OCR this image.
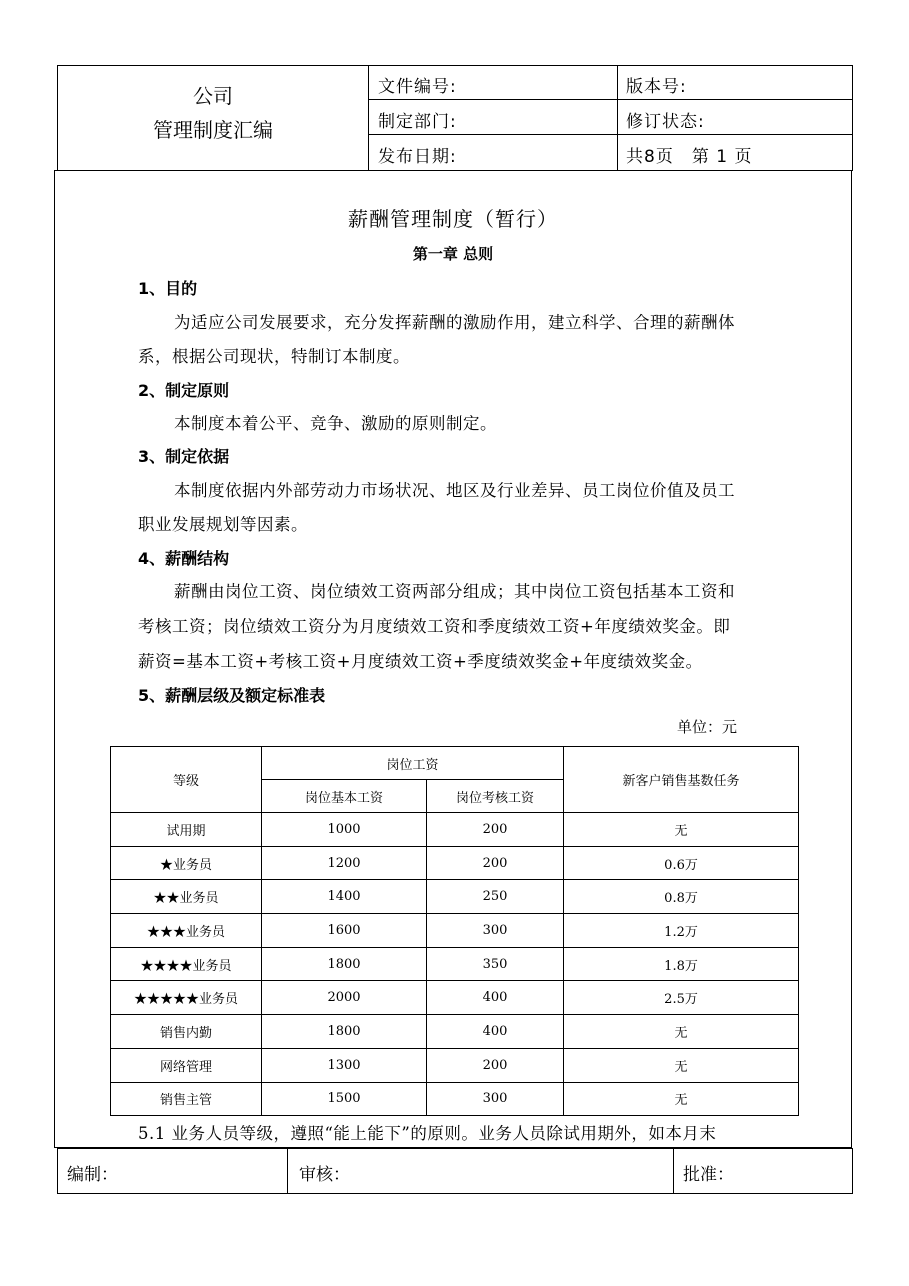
公司
管理制度汇编
文件编号:	版本号:
制定部门:	修订状态:
发布日期:	共8页　第 1 页
薪酬管理制度（暂行）
第一章 总则
1、目的
为适应公司发展要求，充分发挥薪酬的激励作用，建立科学、合理的薪酬体
系，根据公司现状，特制订本制度。
2、制定原则
本制度本着公平、竞争、激励的原则制定。
3、制定依据
本制度依据内外部劳动力市场状况、地区及行业差异、员工岗位价值及员工
职业发展规划等因素。
4、薪酬结构
薪酬由岗位工资、岗位绩效工资两部分组成；其中岗位工资包括基本工资和
考核工资；岗位绩效工资分为月度绩效工资和季度绩效工资+年度绩效奖金。即
薪资=基本工资+考核工资+月度绩效工资+季度绩效奖金+年度绩效奖金。
5、薪酬层级及额定标准表
单位：元
等级	岗位工资		新客户销售基数任务
	岗位基本工资	岗位考核工资	
试用期	1000	200	无
★业务员	1200	200	0.6万
★★业务员	1400	250	0.8万
★★★业务员	1600	300	1.2万
★★★★业务员	1800	350	1.8万
★★★★★业务员	2000	400	2.5万
销售内勤	1800	400	无
网络管理	1300	200	无
销售主管	1500	300	无
5.1 业务人员等级，遵照“能上能下”的原则。业务人员除试用期外，如本月末
编制：	审核：	批准：
